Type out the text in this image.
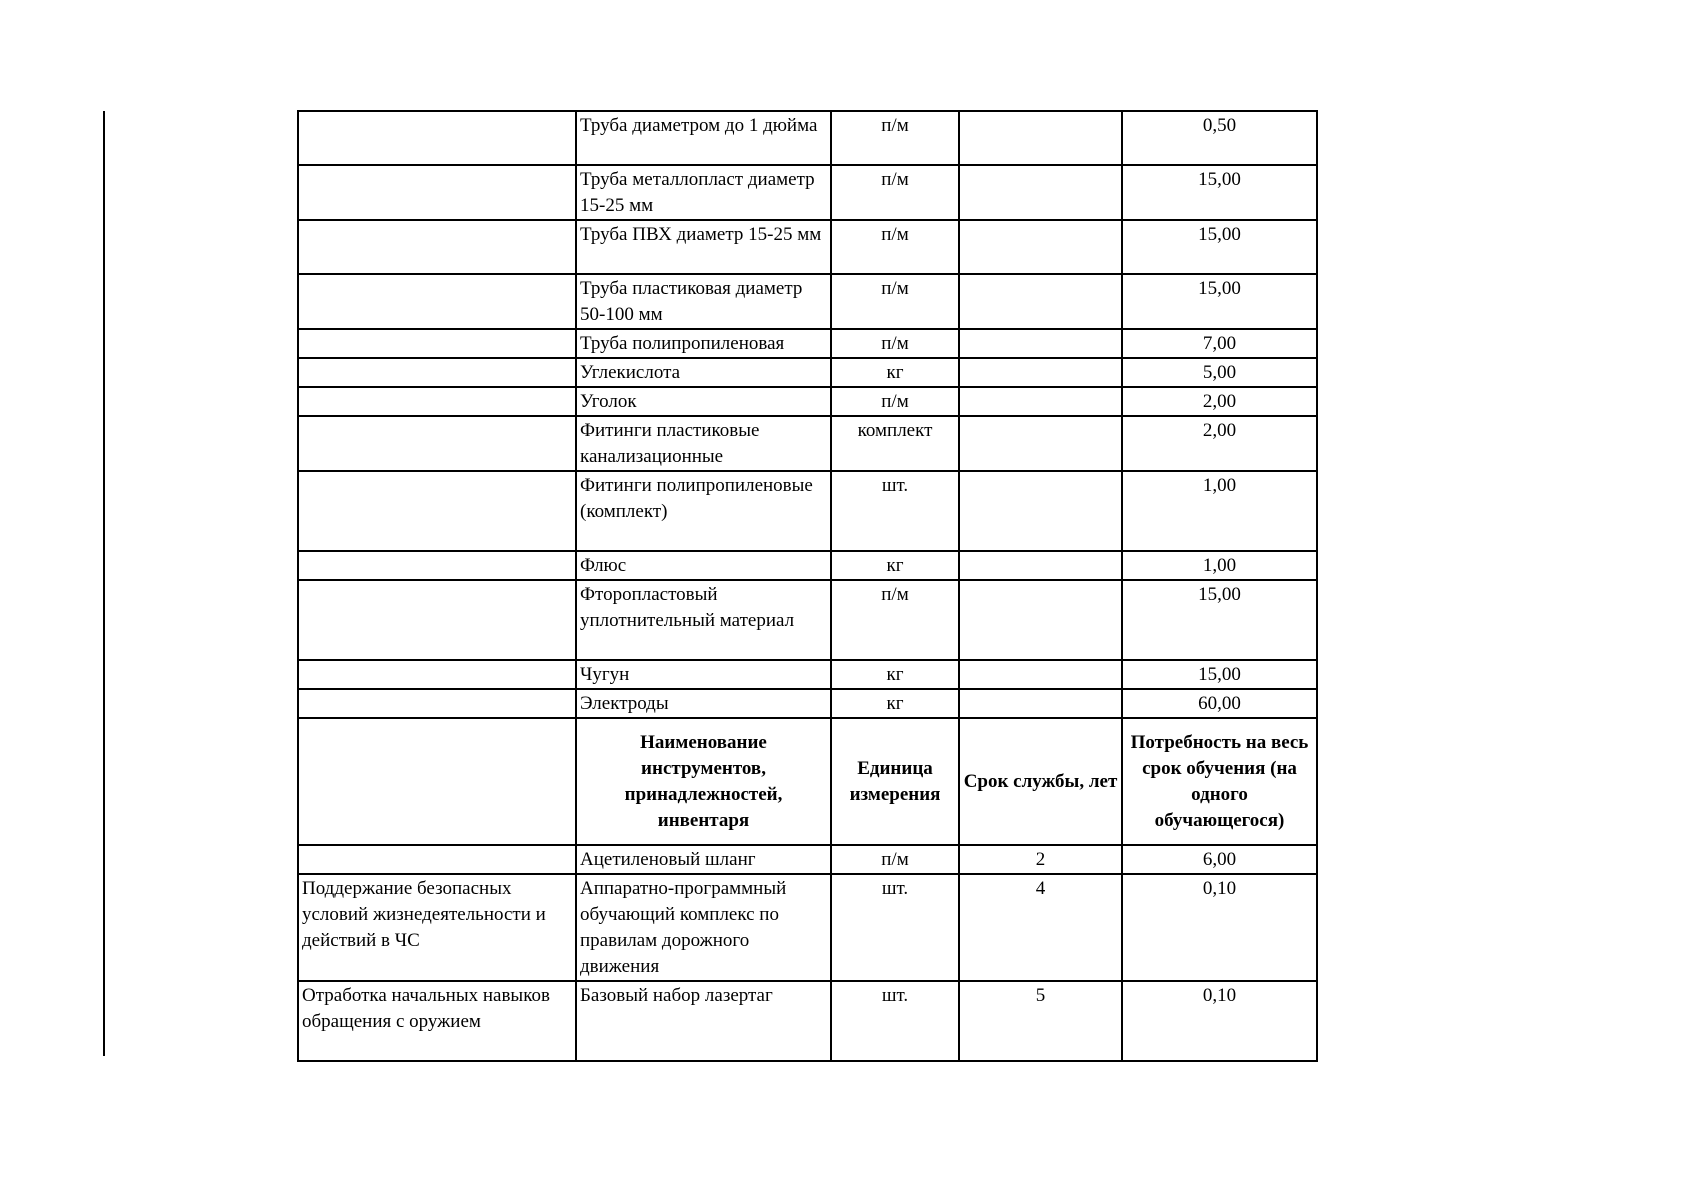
	Труба диаметром до 1 дюйма	п/м		0,50
	Труба металлопласт диаметр 15-25 мм	п/м		15,00
	Труба ПВХ диаметр 15-25 мм	п/м		15,00
	Труба пластиковая диаметр 50-100 мм	п/м		15,00
	Труба полипропиленовая	п/м		7,00
	Углекислота	кг		5,00
	Уголок	п/м		2,00
	Фитинги пластиковые канализационные	комплект		2,00
	Фитинги полипропиленовые (комплект)	шт.		1,00
	Флюс	кг		1,00
	Фторопластовый уплотнительный материал	п/м		15,00
	Чугун	кг		15,00
	Электроды	кг		60,00
	Наименование инструментов, принадлежностей, инвентаря	Единица измерения	Срок службы, лет	Потребность на весь срок обучения (на одного обучающегося)
	Ацетиленовый шланг	п/м	2	6,00
Поддержание безопасных условий жизнедеятельности и действий в ЧС	Аппаратно-программный обучающий комплекс по правилам дорожного движения	шт.	4	0,10
Отработка начальных навыков обращения с оружием	Базовый набор лазертаг	шт.	5	0,10
